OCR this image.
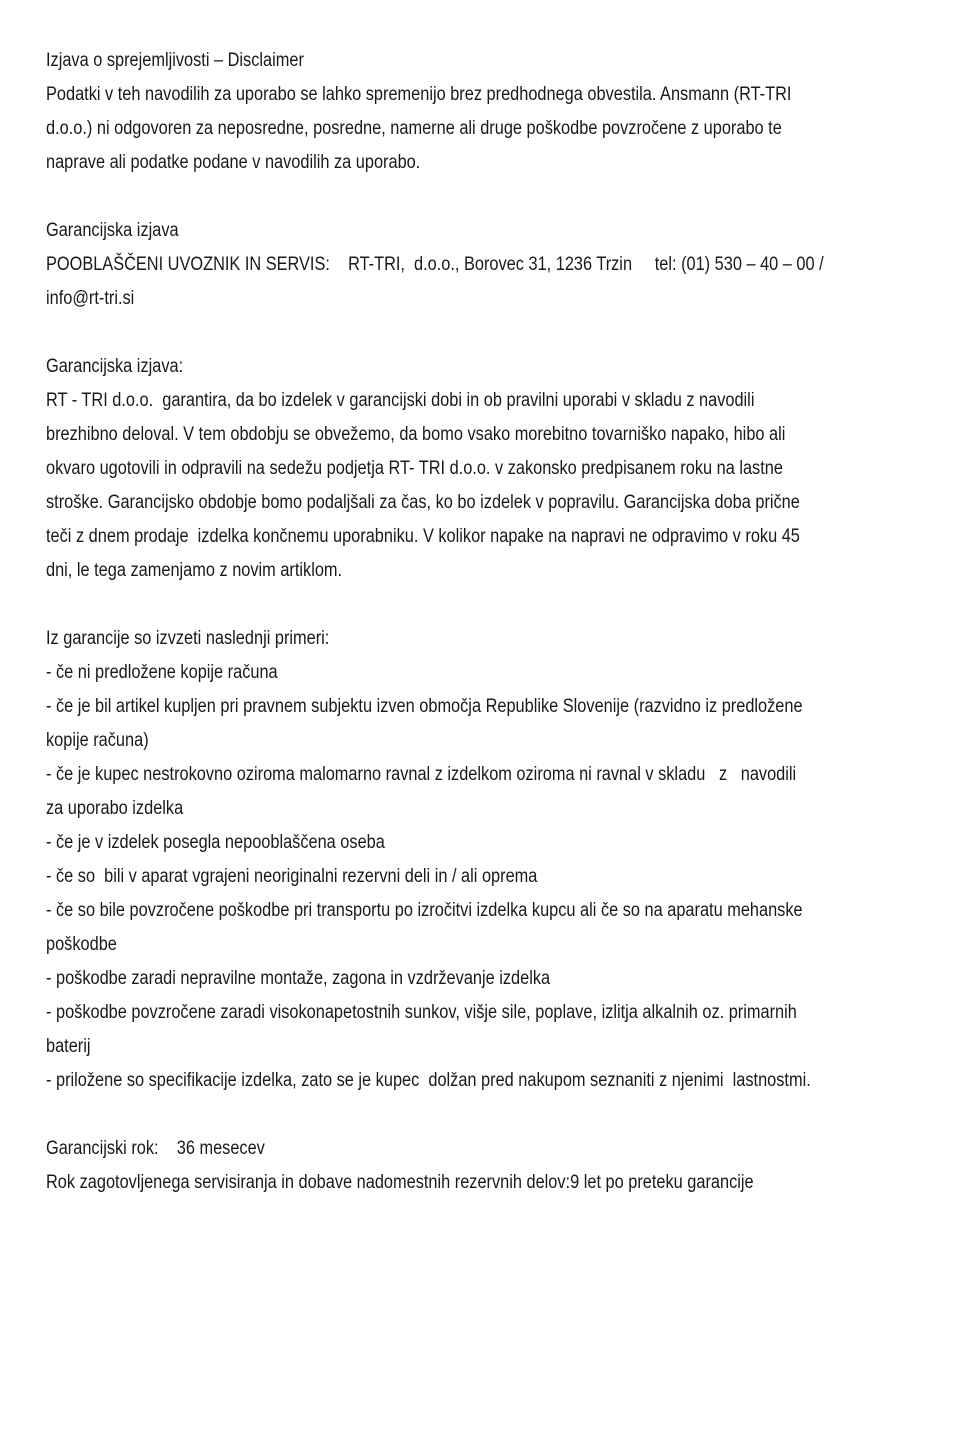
Izjava o sprejemljivosti – Disclaimer
Podatki v teh navodilih za uporabo se lahko spremenijo brez predhodnega obvestila. Ansmann (RT-TRI
d.o.o.) ni odgovoren za neposredne, posredne, namerne ali druge poškodbe povzročene z uporabo te
naprave ali podatke podane v navodilih za uporabo.
Garancijska izjava
POOBLAŠČENI UVOZNIK IN SERVIS:    RT-TRI,  d.o.o., Borovec 31, 1236 Trzin     tel: (01) 530 – 40 – 00 /
info@rt-tri.si
Garancijska izjava:
RT - TRI d.o.o.  garantira, da bo izdelek v garancijski dobi in ob pravilni uporabi v skladu z navodili
brezhibno deloval. V tem obdobju se obvežemo, da bomo vsako morebitno tovarniško napako, hibo ali
okvaro ugotovili in odpravili na sedežu podjetja RT- TRI d.o.o. v zakonsko predpisanem roku na lastne
stroške. Garancijsko obdobje bomo podaljšali za čas, ko bo izdelek v popravilu. Garancijska doba prične
teči z dnem prodaje  izdelka končnemu uporabniku. V kolikor napake na napravi ne odpravimo v roku 45
dni, le tega zamenjamo z novim artiklom.
Iz garancije so izvzeti naslednji primeri:
- če ni predložene kopije računa
- če je bil artikel kupljen pri pravnem subjektu izven območja Republike Slovenije (razvidno iz predložene
kopije računa)
- če je kupec nestrokovno oziroma malomarno ravnal z izdelkom oziroma ni ravnal v skladu   z   navodili
za uporabo izdelka
- če je v izdelek posegla nepooblaščena oseba
- če so  bili v aparat vgrajeni neoriginalni rezervni deli in / ali oprema
- če so bile povzročene poškodbe pri transportu po izročitvi izdelka kupcu ali če so na aparatu mehanske
poškodbe
- poškodbe zaradi nepravilne montaže, zagona in vzdrževanje izdelka
- poškodbe povzročene zaradi visokonapetostnih sunkov, višje sile, poplave, izlitja alkalnih oz. primarnih
baterij
- priložene so specifikacije izdelka, zato se je kupec  dolžan pred nakupom seznaniti z njenimi  lastnostmi.
Garancijski rok:    36 mesecev
Rok zagotovljenega servisiranja in dobave nadomestnih rezervnih delov:9 let po preteku garancije
